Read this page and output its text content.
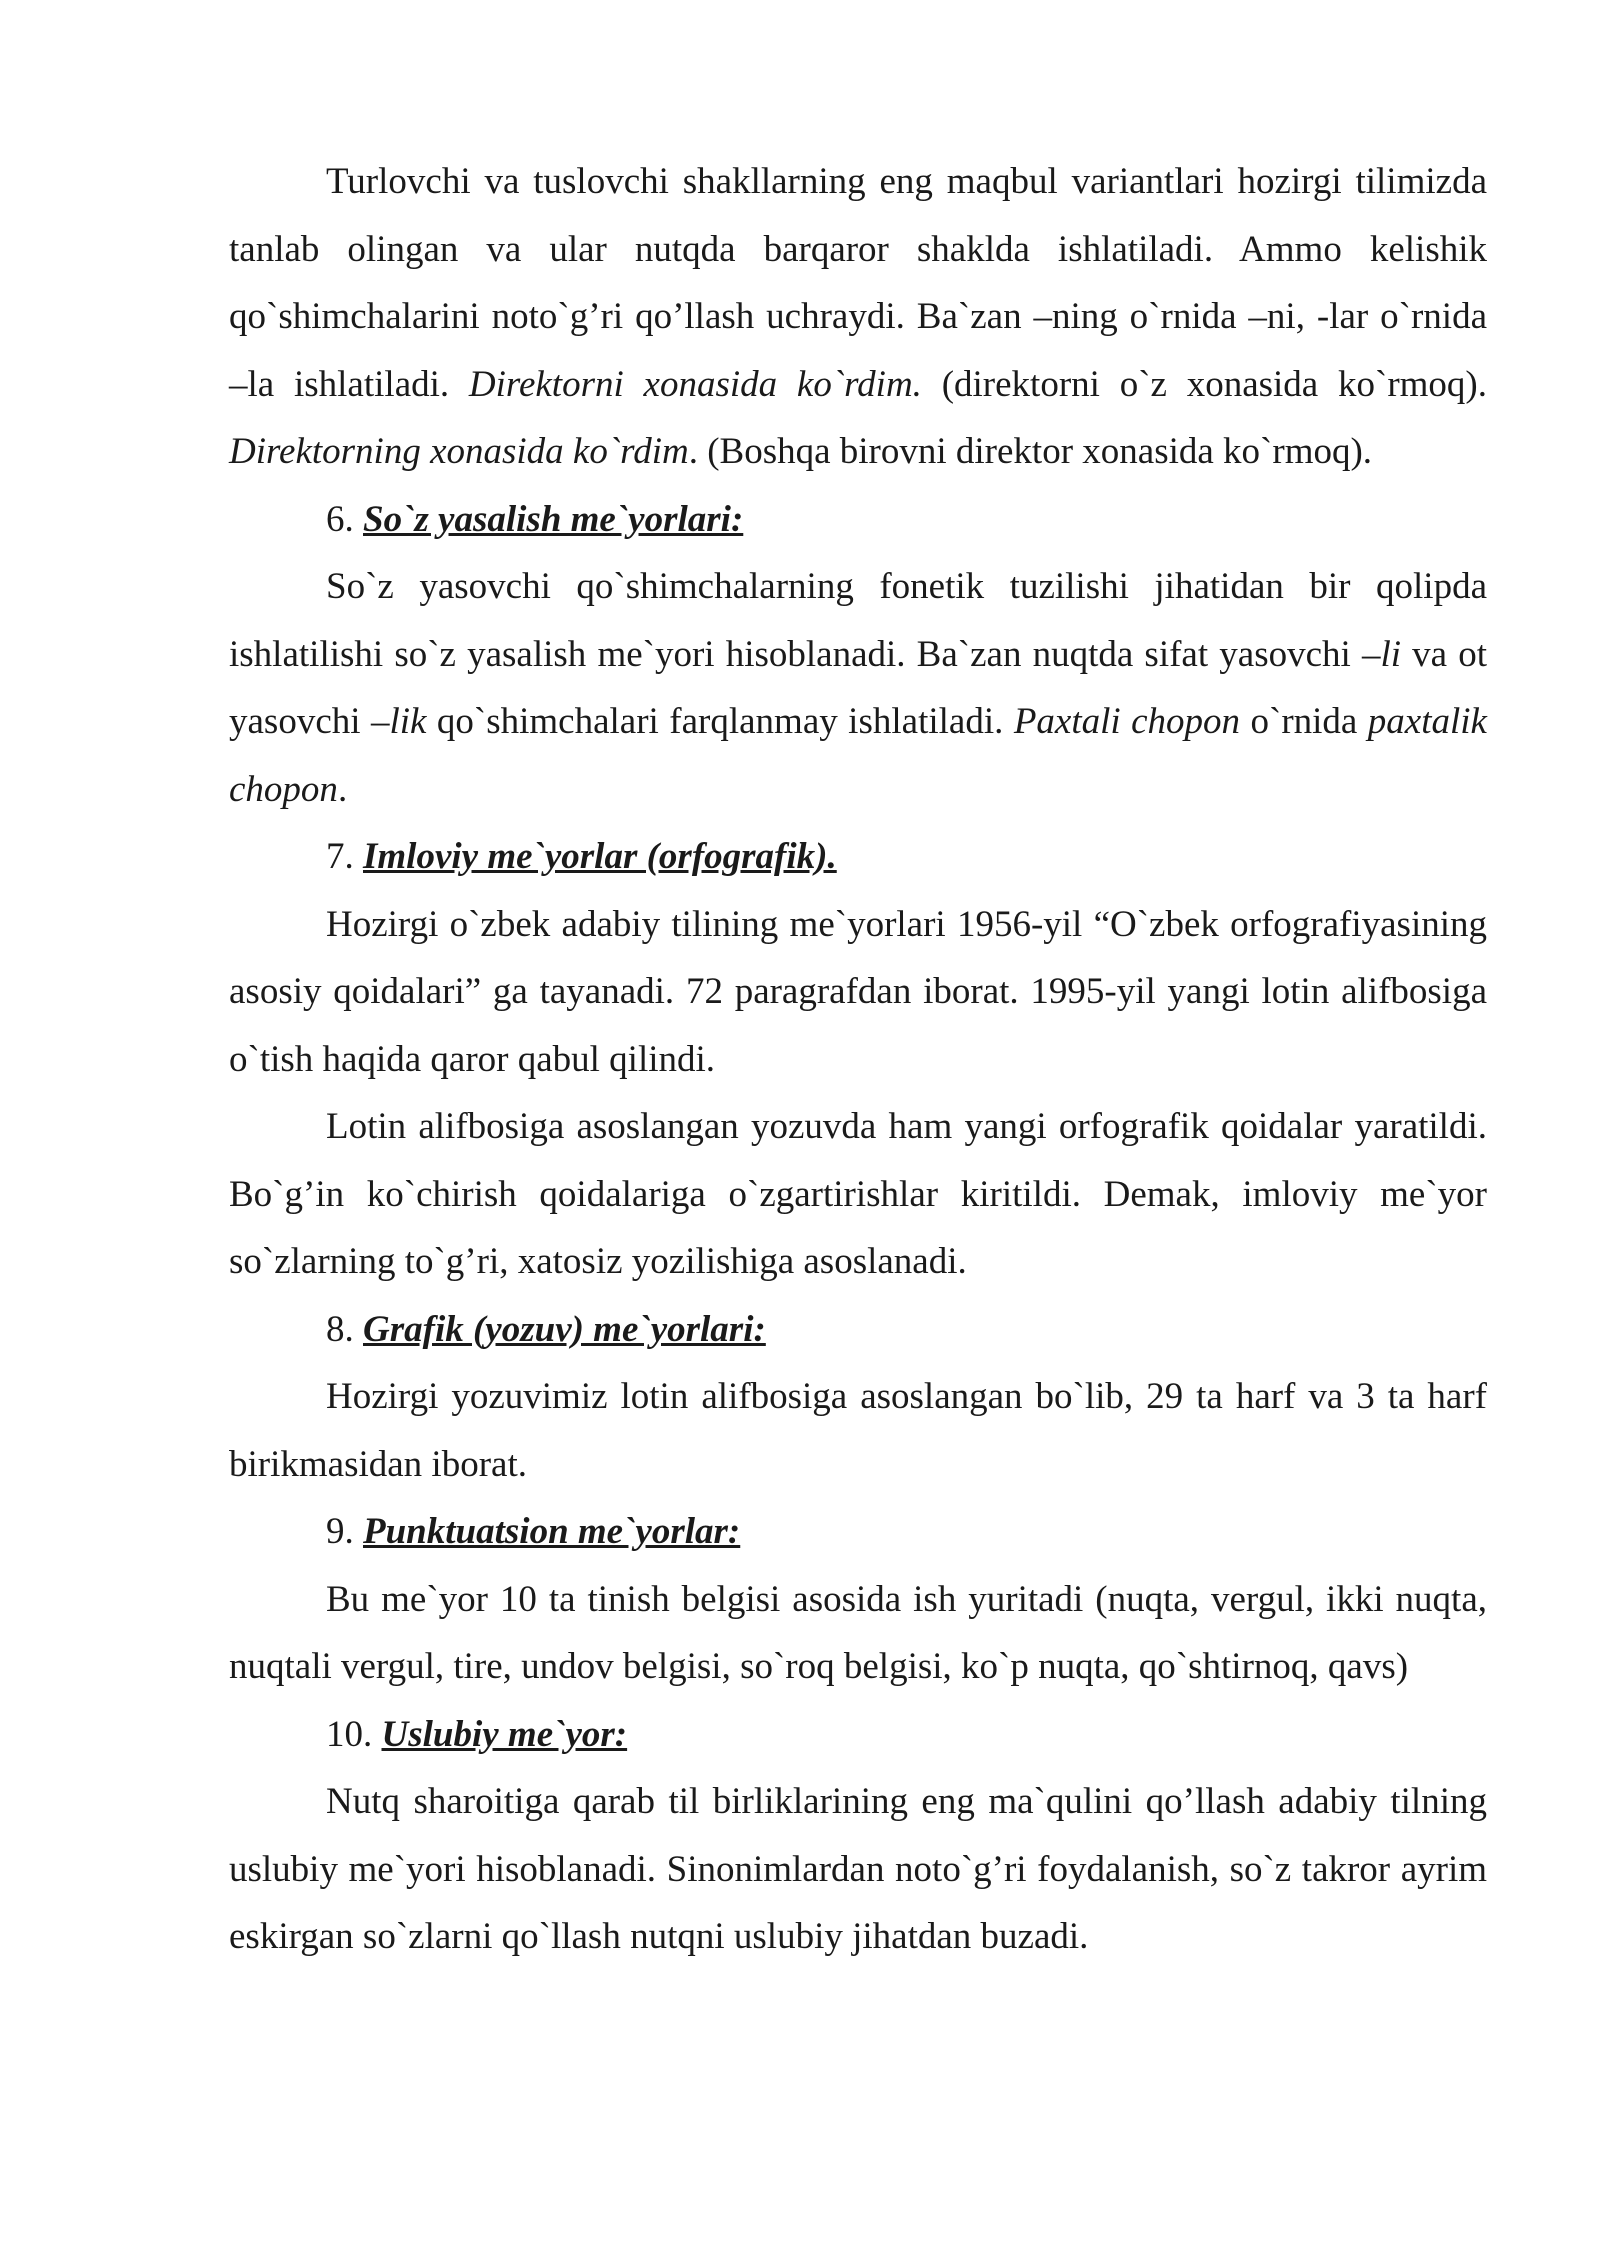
Turlovchi va tuslovchi shakllarning eng maqbul variantlari hozirgi tilimizda tanlab olingan va ular nutqda barqaror shaklda ishlatiladi. Ammo kelishik qo`shimchalarini noto`g’ri qo’llash uchraydi. Ba`zan –ning o`rnida –ni, -lar o`rnida –la ishlatiladi. Direktorni xonasida ko`rdim. (direktorni o`z xonasida ko`rmoq). Direktorning xonasida ko`rdim. (Boshqa birovni direktor xonasida ko`rmoq).

6. So`z yasalish me`yorlari:

So`z yasovchi qo`shimchalarning fonetik tuzilishi jihatidan bir qolipda ishlatilishi so`z yasalish me`yori hisoblanadi. Ba`zan nuqtda sifat yasovchi –li va ot yasovchi –lik qo`shimchalari farqlanmay ishlatiladi. Paxtali chopon o`rnida paxtalik chopon.

7. Imloviy me`yorlar (orfografik).

Hozirgi o`zbek adabiy tilining me`yorlari 1956-yil “O`zbek orfografiyasining asosiy qoidalari” ga tayanadi. 72 paragrafdan iborat. 1995-yil yangi lotin alifbosiga o`tish haqida qaror qabul qilindi.

Lotin alifbosiga asoslangan yozuvda ham yangi orfografik qoidalar yaratildi. Bo`g’in ko`chirish qoidalariga o`zgartirishlar kiritildi. Demak, imloviy me`yor so`zlarning to`g’ri, xatosiz yozilishiga asoslanadi.

8. Grafik (yozuv) me`yorlari:

Hozirgi yozuvimiz lotin alifbosiga asoslangan bo`lib, 29 ta harf va 3 ta harf birikmasidan iborat.

9. Punktuatsion me`yorlar:

Bu me`yor 10 ta tinish belgisi asosida ish yuritadi (nuqta, vergul, ikki nuqta, nuqtali vergul, tire, undov belgisi, so`roq belgisi, ko`p nuqta, qo`shtirnoq, qavs)

10. Uslubiy me`yor:

Nutq sharoitiga qarab til birliklarining eng ma`qulini qo’llash adabiy tilning uslubiy me`yori hisoblanadi. Sinonimlardan noto`g’ri foydalanish, so`z takror ayrim eskirgan so`zlarni qo`llash nutqni uslubiy jihatdan buzadi.
